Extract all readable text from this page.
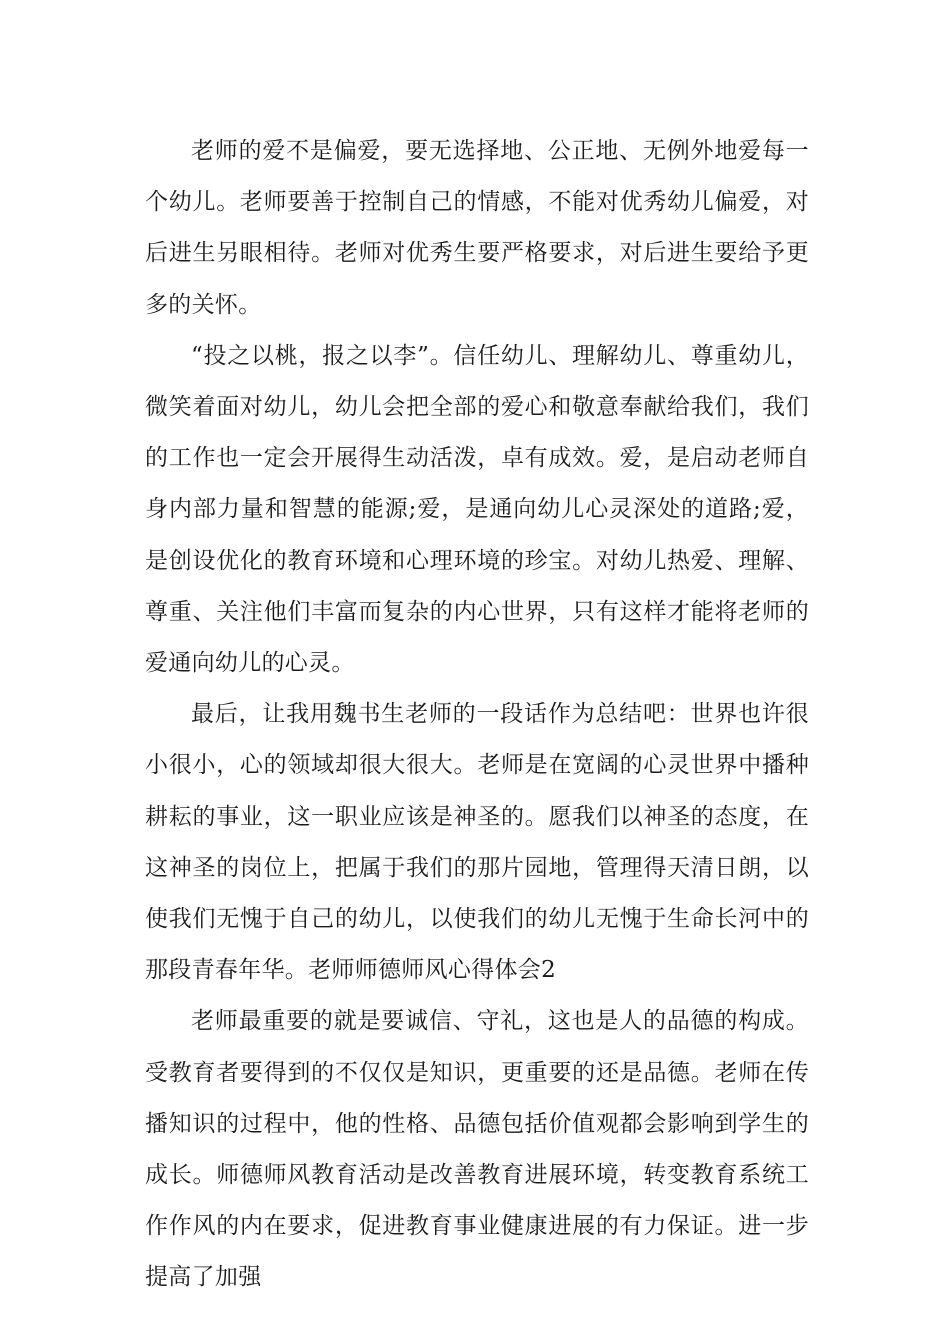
老师的爱不是偏爱，要无选择地、公正地、无例外地爱每一个幼儿。老师要善于控制自己的情感，不能对优秀幼儿偏爱，对后进生另眼相待。老师对优秀生要严格要求，对后进生要给予更多的关怀。

“投之以桃，报之以李”。信任幼儿、理解幼儿、尊重幼儿，微笑着面对幼儿，幼儿会把全部的爱心和敬意奉献给我们，我们的工作也一定会开展得生动活泼，卓有成效。爱，是启动老师自身内部力量和智慧的能源;爱，是通向幼儿心灵深处的道路;爱，是创设优化的教育环境和心理环境的珍宝。对幼儿热爱、理解、尊重、关注他们丰富而复杂的内心世界，只有这样才能将老师的爱通向幼儿的心灵。

最后，让我用魏书生老师的一段话作为总结吧：世界也许很小很小，心的领域却很大很大。老师是在宽阔的心灵世界中播种耕耘的事业，这一职业应该是神圣的。愿我们以神圣的态度，在这神圣的岗位上，把属于我们的那片园地，管理得天清日朗，以使我们无愧于自己的幼儿，以使我们的幼儿无愧于生命长河中的那段青春年华。老师师德师风心得体会2

老师最重要的就是要诚信、守礼，这也是人的品德的构成。受教育者要得到的不仅仅是知识，更重要的还是品德。老师在传播知识的过程中，他的性格、品德包括价值观都会影响到学生的成长。师德师风教育活动是改善教育进展环境，转变教育系统工作作风的内在要求，促进教育事业健康进展的有力保证。进一步提高了加强
